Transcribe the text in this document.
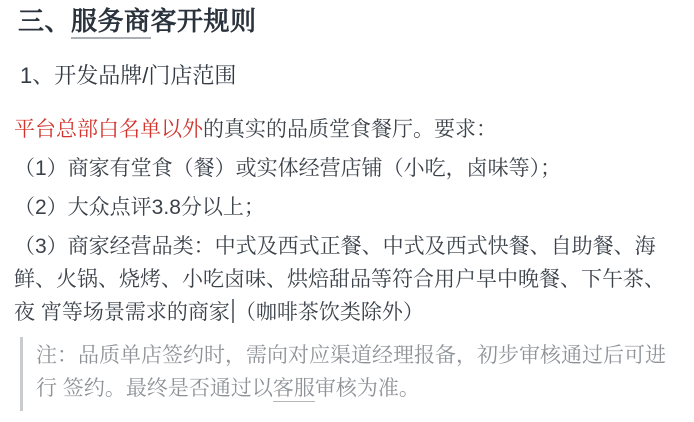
三、服务商客开规则
1、开发品牌/门店范围

平台总部白名单以外的真实的品质堂食餐厅。要求：

（1）商家有堂食（餐）或实体经营店铺（小吃，卤味等）；

（2）大众点评3.8分以上；

（3）商家经营品类：中式及西式正餐、中式及西式快餐、自助餐、海
鲜、火锅、烧烤、小吃卤味、烘焙甜品等符合用户早中晚餐、下午茶、
夜 宵等场景需求的商家 （咖啡茶饮类除外）

注：品质单店签约时，需向对应渠道经理报备，初步审核通过后可进
行 签约。最终是否通过以客服审核为准。
